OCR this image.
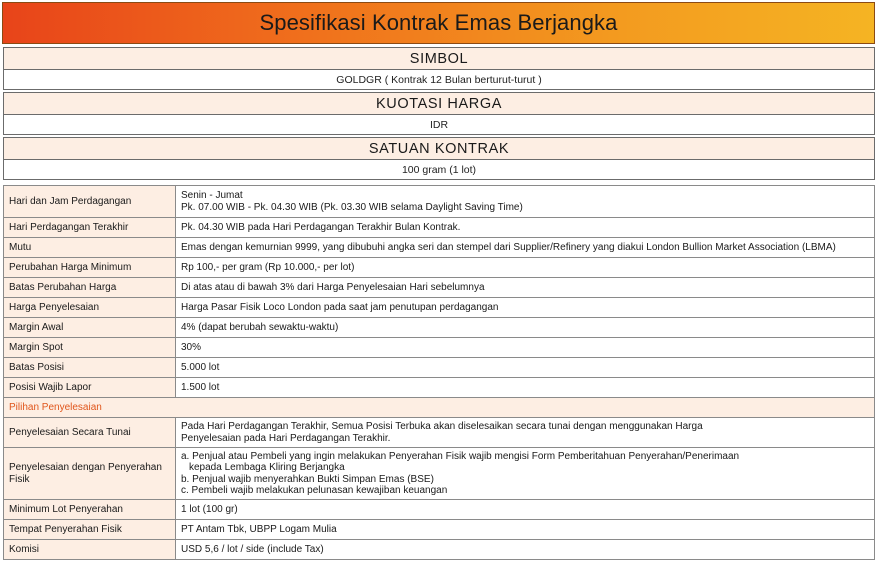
Spesifikasi Kontrak Emas Berjangka
SIMBOL
GOLDGR ( Kontrak 12 Bulan berturut-turut )
KUOTASI HARGA
IDR
SATUAN KONTRAK
100 gram (1 lot)
Hari dan Jam Perdagangan	Senin - Jumat
Pk. 07.00 WIB - Pk. 04.30 WIB (Pk. 03.30 WIB selama Daylight Saving Time)

Hari Perdagangan Terakhir	Pk. 04.30 WIB pada Hari Perdagangan Terakhir Bulan Kontrak.
Mutu	Emas dengan kemurnian 9999, yang dibubuhi angka seri dan stempel dari Supplier/Refinery yang diakui London Bullion Market Association (LBMA)
Perubahan Harga Minimum	Rp 100,- per gram (Rp 10.000,- per lot)
Batas Perubahan Harga	Di atas atau di bawah 3% dari Harga Penyelesaian Hari sebelumnya
Harga Penyelesaian	Harga Pasar Fisik Loco London pada saat jam penutupan perdagangan
Margin Awal	4% (dapat berubah sewaktu-waktu)
Margin Spot	30%
Batas Posisi	5.000 lot
Posisi Wajib Lapor	1.500 lot
Pilihan Penyelesaian	
Penyelesaian Secara Tunai	Pada Hari Perdagangan Terakhir, Semua Posisi Terbuka akan diselesaikan secara tunai dengan menggunakan Harga
Penyelesaian pada Hari Perdagangan Terakhir.

Penyelesaian dengan Penyerahan Fisik	a. Penjual atau Pembeli yang ingin melakukan Penyerahan Fisik wajib mengisi Form Pemberitahuan Penyerahan/Penerimaan
kepada Lembaga Kliring Berjangka
b. Penjual wajib menyerahkan Bukti Simpan Emas (BSE)
c. Pembeli wajib melakukan pelunasan kewajiban keuangan

Minimum Lot Penyerahan	1 lot (100 gr)
Tempat Penyerahan Fisik	PT Antam Tbk, UBPP Logam Mulia
Komisi	USD 5,6 / lot / side (include Tax)
